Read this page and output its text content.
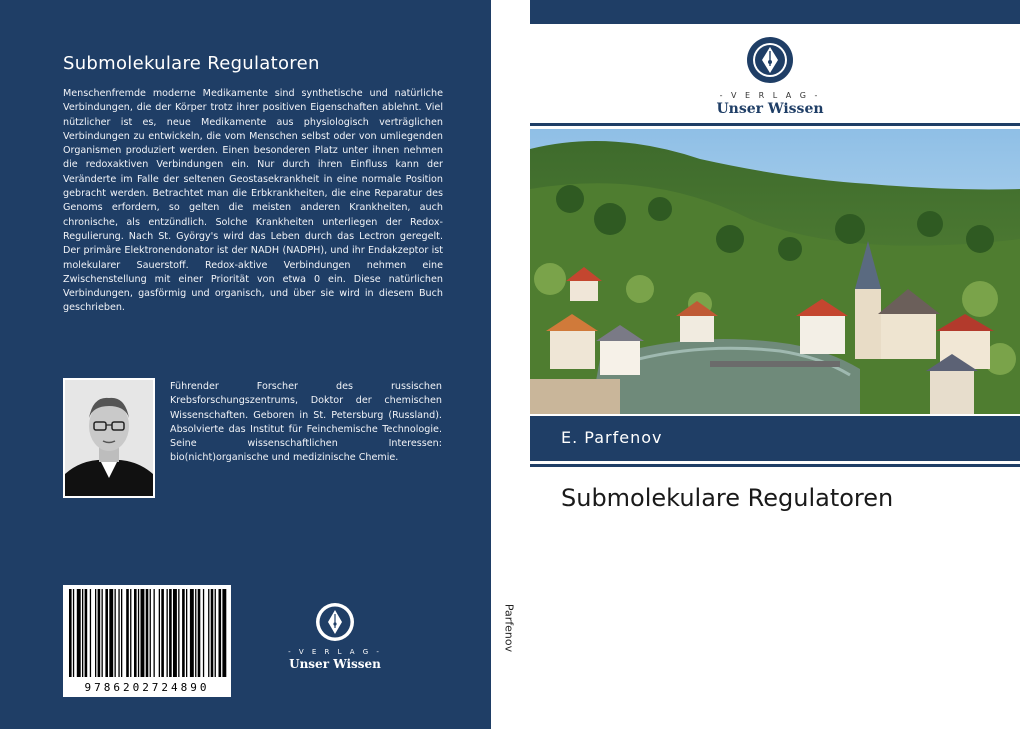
Submolekulare Regulatoren
Menschenfremde moderne Medikamente sind synthetische und natürliche Verbindungen, die der Körper trotz ihrer positiven Eigenschaften ablehnt. Viel nützlicher ist es, neue Medikamente aus physiologisch verträglichen Verbindungen zu entwickeln, die vom Menschen selbst oder von umliegenden Organismen produziert werden. Einen besonderen Platz unter ihnen nehmen die redoxaktiven Verbindungen ein. Nur durch ihren Einfluss kann der Veränderte im Falle der seltenen Geostasekrankheit in eine normale Position gebracht werden. Betrachtet man die Erbkrankheiten, die eine Reparatur des Genoms erfordern, so gelten die meisten anderen Krankheiten, auch chronische, als entzündlich. Solche Krankheiten unterliegen der Redox-Regulierung. Nach St. György's wird das Leben durch das Lectron geregelt. Der primäre Elektronendonator ist der NADH (NADPH), und ihr Endakzeptor ist molekularer Sauerstoff. Redox-aktive Verbindungen nehmen eine Zwischenstellung mit einer Priorität von etwa 0 ein. Diese natürlichen Verbindungen, gasförmig und organisch, und über sie wird in diesem Buch geschrieben.
Führender Forscher des russischen Krebsforschungszentrums, Doktor der chemischen Wissenschaften. Geboren in St. Petersburg (Russland). Absolvierte das Institut für Feinchemische Technologie. Seine wissenschaftlichen Interessen: bio(nicht)organische und medizinische Chemie.
9786202724890
- V E R L A G -
Unser Wissen
Parfenov
- V E R L A G -
Unser Wissen
E. Parfenov
Submolekulare Regulatoren
